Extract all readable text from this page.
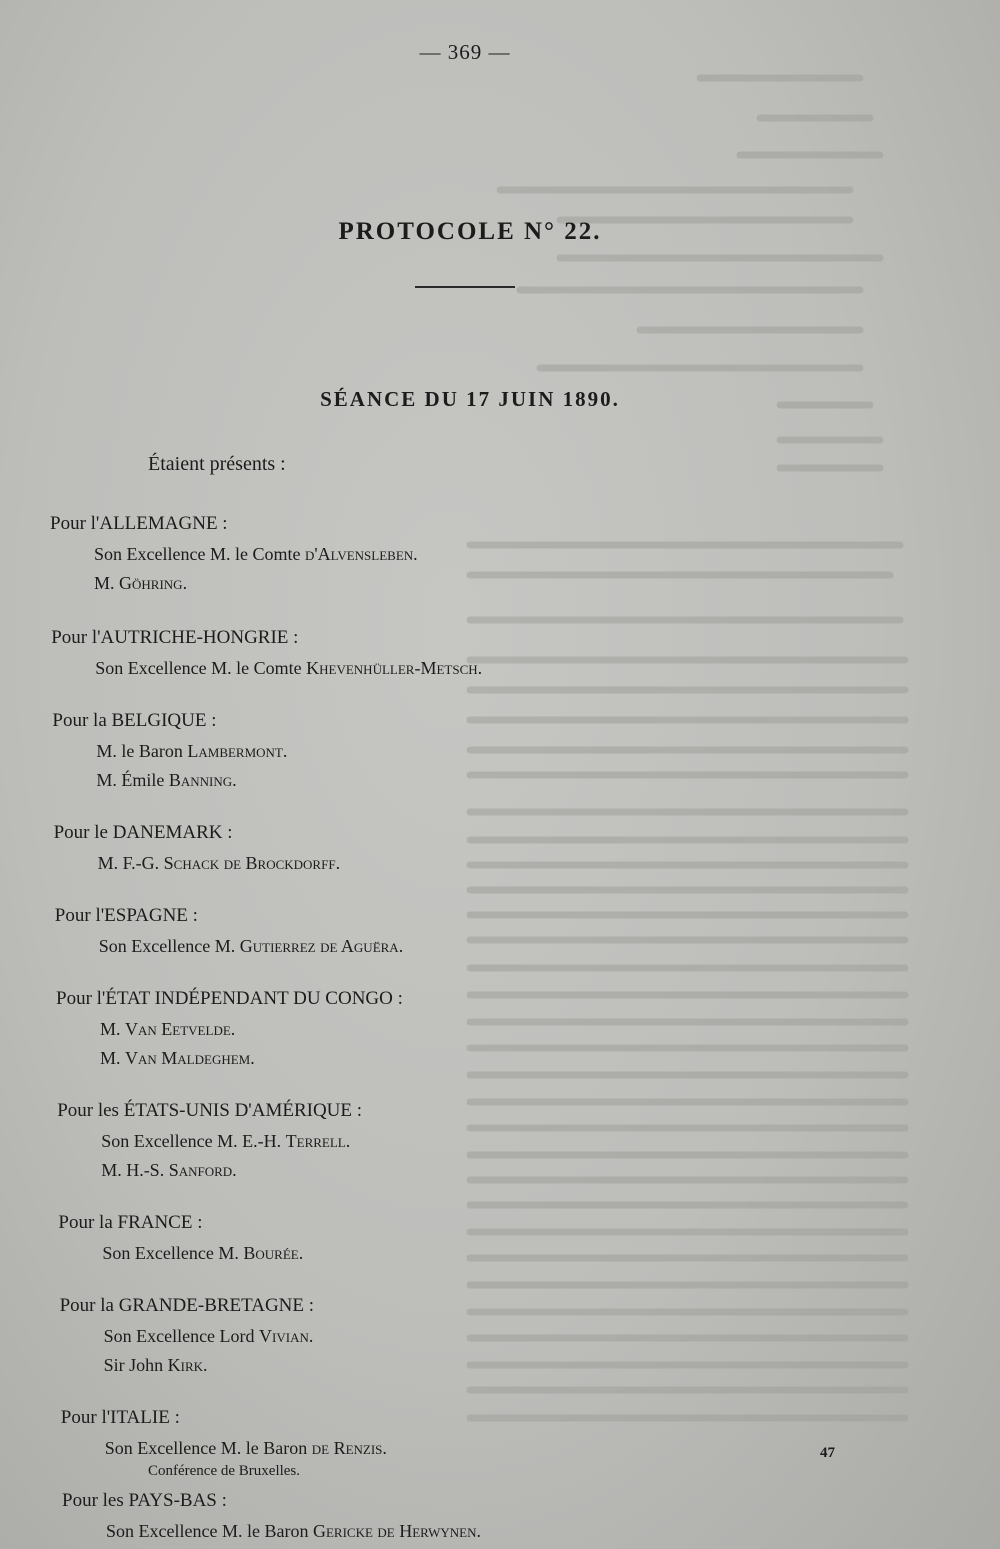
— 369 —
PROTOCOLE N° 22.
SÉANCE DU 17 JUIN 1890.
Étaient présents :
Pour l'ALLEMAGNE :
Son Excellence M. le Comte d'Alvensleben.
M. Göhring.
Pour l'AUTRICHE-HONGRIE :
Son Excellence M. le Comte Khevenhüller-Metsch.
Pour la BELGIQUE :
M. le Baron Lambermont.
M. Émile Banning.
Pour le DANEMARK :
M. F.-G. Schack de Brockdorff.
Pour l'ESPAGNE :
Son Excellence M. Gutierrez de Aguëra.
Pour l'ÉTAT INDÉPENDANT DU CONGO :
M. Van Eetvelde.
M. Van Maldeghem.
Pour les ÉTATS-UNIS D'AMÉRIQUE :
Son Excellence M. E.-H. Terrell.
M. H.-S. Sanford.
Pour la FRANCE :
Son Excellence M. Bourée.
Pour la GRANDE-BRETAGNE :
Son Excellence Lord Vivian.
Sir John Kirk.
Pour l'ITALIE :
Son Excellence M. le Baron de Renzis.
Pour les PAYS-BAS :
Son Excellence M. le Baron Gericke de Herwynen.
Conférence de Bruxelles.
47
